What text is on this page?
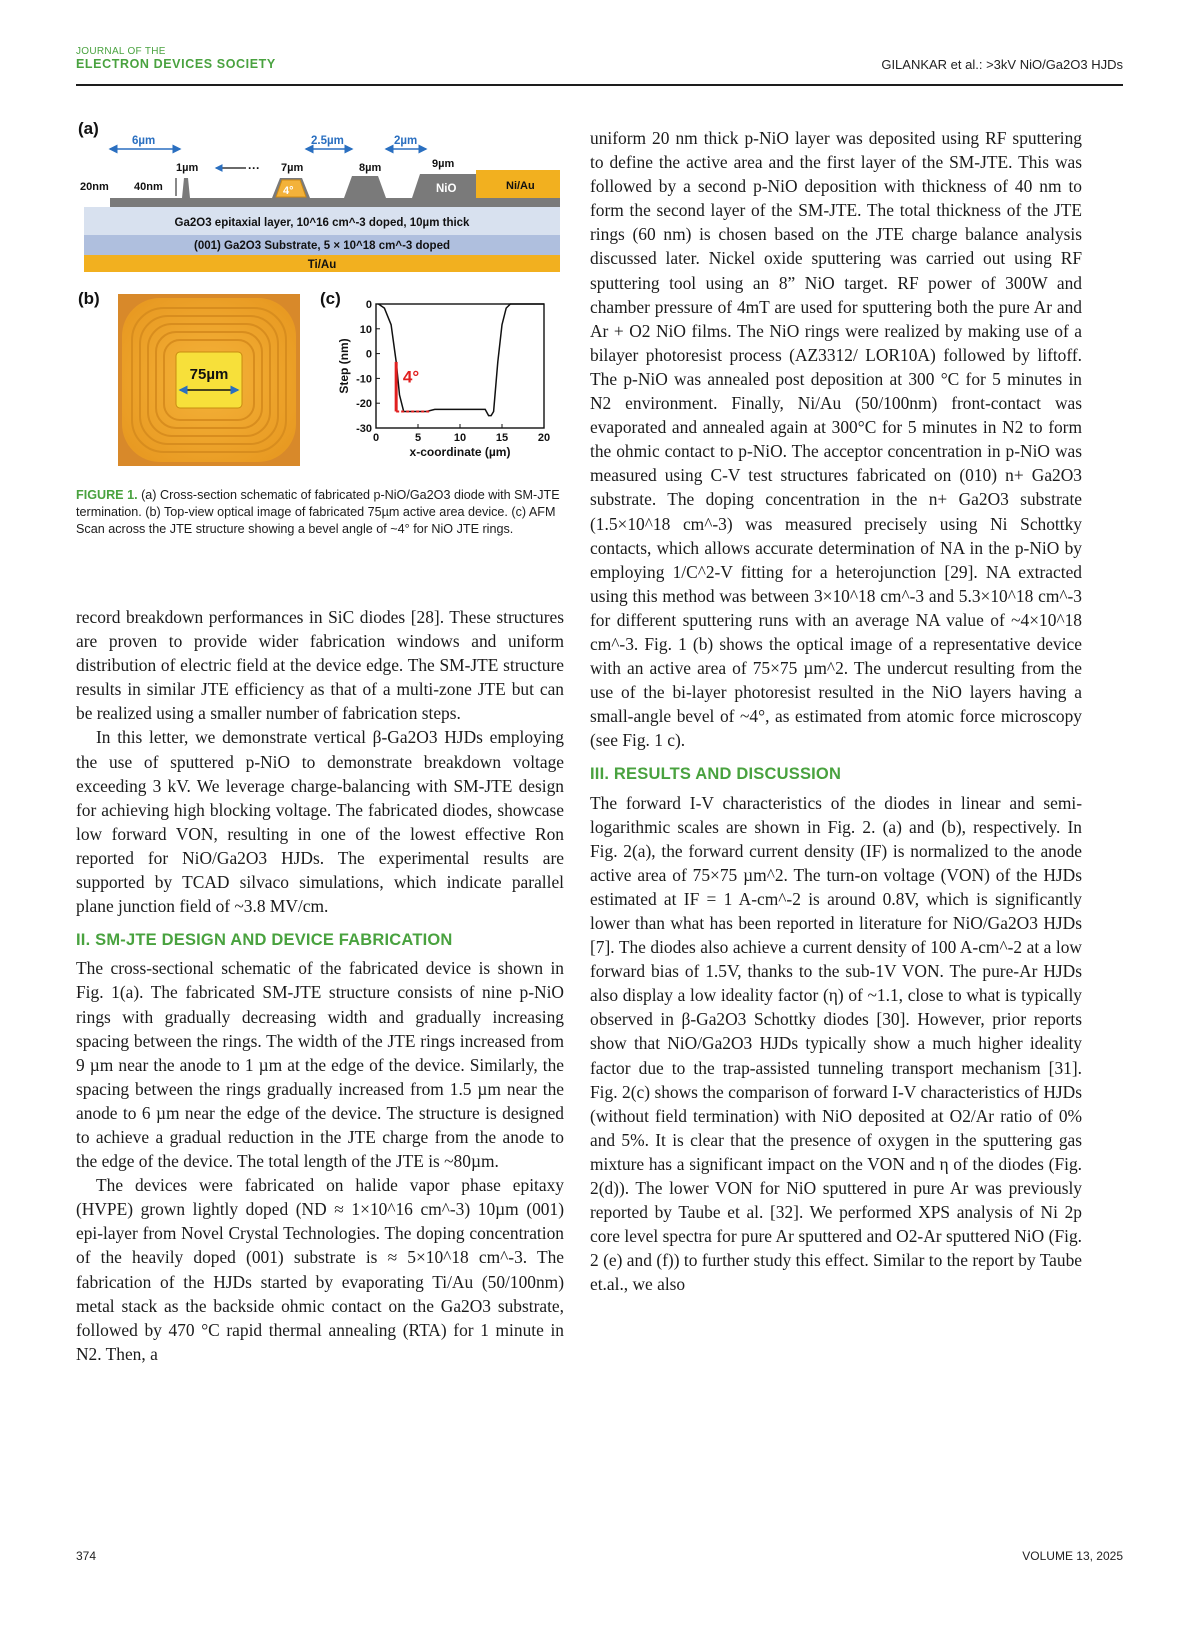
JOURNAL OF THE
ELECTRON DEVICES SOCIETY	GILANKAR et al.: >3kV NiO/Ga2O3 HJDs
(a)
6µm	2.5µm	2µm
1µm	··· 7µm	8µm	9µm
20nm 40nm	4°	NiO	Ni/Au
Ga2O3 epitaxial layer, 10^16 cm^-3 doped, 10µm thick
(001) Ga2O3 Substrate, 5 × 10^18 cm^-3 doped
Ti/Au
(b)
75µm
(c)
0	5	10	15	20
0
10
0
-10
-20
-30
x-coordinate (µm)
Step (nm)	4°
FIGURE 1. (a) Cross-section schematic of fabricated p-NiO/Ga2O3 diode with SM-JTE termination. (b) Top-view optical image of fabricated 75µm active area device. (c) AFM Scan across the JTE structure showing a bevel angle of ~4° for NiO JTE rings.

record breakdown performances in SiC diodes [28]. These structures are proven to provide wider fabrication windows and uniform distribution of electric field at the device edge. The SM-JTE structure results in similar JTE efficiency as that of a multi-zone JTE but can be realized using a smaller number of fabrication steps.

In this letter, we demonstrate vertical β-Ga2O3 HJDs employing the use of sputtered p-NiO to demonstrate breakdown voltage exceeding 3 kV. We leverage charge-balancing with SM-JTE design for achieving high blocking voltage. The fabricated diodes, showcase low forward VON, resulting in one of the lowest effective Ron reported for NiO/Ga2O3 HJDs. The experimental results are supported by TCAD silvaco simulations, which indicate parallel plane junction field of ~3.8 MV/cm.

II. SM-JTE DESIGN AND DEVICE FABRICATION

The cross-sectional schematic of the fabricated device is shown in Fig. 1(a). The fabricated SM-JTE structure consists of nine p-NiO rings with gradually decreasing width and gradually increasing spacing between the rings. The width of the JTE rings increased from 9 µm near the anode to 1 µm at the edge of the device. Similarly, the spacing between the rings gradually increased from 1.5 µm near the anode to 6 µm near the edge of the device. The structure is designed to achieve a gradual reduction in the JTE charge from the anode to the edge of the device. The total length of the JTE is ~80µm.

The devices were fabricated on halide vapor phase epitaxy (HVPE) grown lightly doped (ND ≈ 1×10^16 cm^-3) 10µm (001) epi-layer from Novel Crystal Technologies. The doping concentration of the heavily doped (001) substrate is ≈ 5×10^18 cm^-3. The fabrication of the HJDs started by evaporating Ti/Au (50/100nm) metal stack as the backside ohmic contact on the Ga2O3 substrate, followed by 470 °C rapid thermal annealing (RTA) for 1 minute in N2. Then, a

uniform 20 nm thick p-NiO layer was deposited using RF sputtering to define the active area and the first layer of the SM-JTE. This was followed by a second p-NiO deposition with thickness of 40 nm to form the second layer of the SM-JTE. The total thickness of the JTE rings (60 nm) is chosen based on the JTE charge balance analysis discussed later. Nickel oxide sputtering was carried out using RF sputtering tool using an 8” NiO target. RF power of 300W and chamber pressure of 4mT are used for sputtering both the pure Ar and Ar + O2 NiO films. The NiO rings were realized by making use of a bilayer photoresist process (AZ3312/ LOR10A) followed by liftoff. The p-NiO was annealed post deposition at 300 °C for 5 minutes in N2 environment. Finally, Ni/Au (50/100nm) front-contact was evaporated and annealed again at 300°C for 5 minutes in N2 to form the ohmic contact to p-NiO. The acceptor concentration in p-NiO was measured using C-V test structures fabricated on (010) n+ Ga2O3 substrate. The doping concentration in the n+ Ga2O3 substrate (1.5×10^18 cm^-3) was measured precisely using Ni Schottky contacts, which allows accurate determination of NA in the p-NiO by employing 1/C^2-V fitting for a heterojunction [29]. NA extracted using this method was between 3×10^18 cm^-3 and 5.3×10^18 cm^-3 for different sputtering runs with an average NA value of ~4×10^18 cm^-3. Fig. 1 (b) shows the optical image of a representative device with an active area of 75×75 µm^2. The undercut resulting from the use of the bi-layer photoresist resulted in the NiO layers having a small-angle bevel of ~4°, as estimated from atomic force microscopy (see Fig. 1 c).

III. RESULTS AND DISCUSSION

The forward I-V characteristics of the diodes in linear and semi-logarithmic scales are shown in Fig. 2. (a) and (b), respectively. In Fig. 2(a), the forward current density (IF) is normalized to the anode active area of 75×75 µm^2. The turn-on voltage (VON) of the HJDs estimated at IF = 1 A-cm^-2 is around 0.8V, which is significantly lower than what has been reported in literature for NiO/Ga2O3 HJDs [7]. The diodes also achieve a current density of 100 A-cm^-2 at a low forward bias of 1.5V, thanks to the sub-1V VON. The pure-Ar HJDs also display a low ideality factor (η) of ~1.1, close to what is typically observed in β-Ga2O3 Schottky diodes [30]. However, prior reports show that NiO/Ga2O3 HJDs typically show a much higher ideality factor due to the trap-assisted tunneling transport mechanism [31]. Fig. 2(c) shows the comparison of forward I-V characteristics of HJDs (without field termination) with NiO deposited at O2/Ar ratio of 0% and 5%. It is clear that the presence of oxygen in the sputtering gas mixture has a significant impact on the VON and η of the diodes (Fig. 2(d)). The lower VON for NiO sputtered in pure Ar was previously reported by Taube et al. [32]. We performed XPS analysis of Ni 2p core level spectra for pure Ar sputtered and O2-Ar sputtered NiO (Fig. 2 (e) and (f)) to further study this effect. Similar to the report by Taube et.al., we also

374	VOLUME 13, 2025
